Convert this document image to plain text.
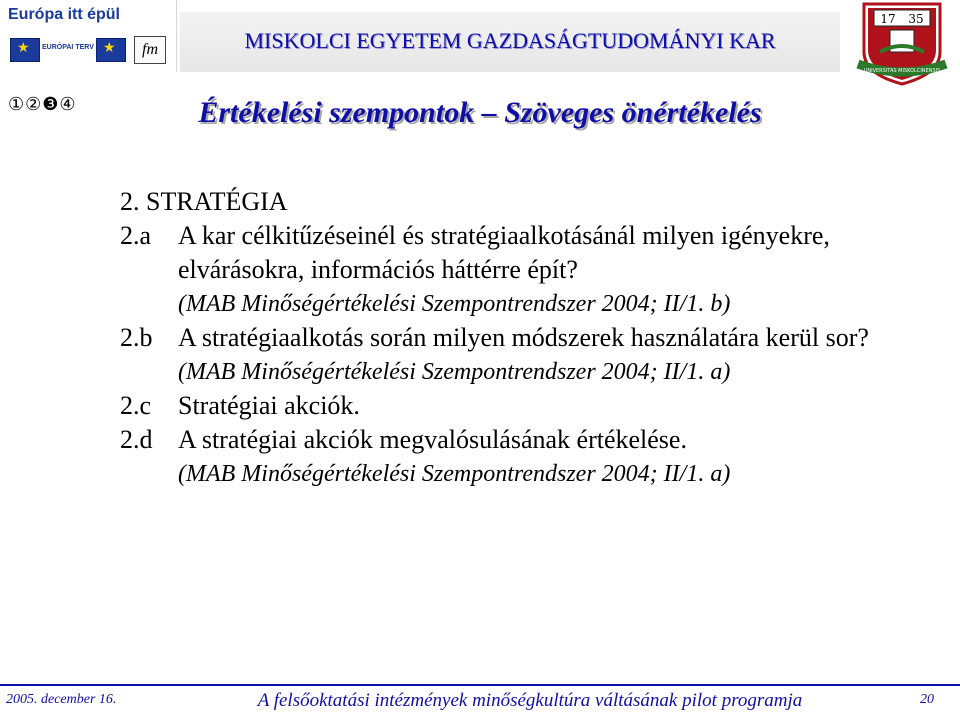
Európa itt épül
★
EURÓPAI TERV
★	fm	MISKOLCI EGYETEM GAZDASÁGTUDOMÁNYI KAR
17 35
UNIVERSITAS MISKOLCINENSIS
①②❸④	Értékelési szempontok – Szöveges önértékelés
2. STRATÉGIA
2.a	A kar célkitűzéseinél és stratégiaalkotásánál milyen igényekre, elvárásokra, információs háttérre épít?
(MAB Minőségértékelési Szempontrendszer 2004; II/1. b)
2.b A stratégiaalkotás során milyen módszerek használatára kerül sor?
(MAB Minőségértékelési Szempontrendszer 2004; II/1. a)
2.c	Stratégiai akciók.
2.d A stratégiai akciók megvalósulásának értékelése.
(MAB Minőségértékelési Szempontrendszer 2004; II/1. a)
2005. december 16.	A felsőoktatási intézmények minőségkultúra váltásának pilot programja	20
